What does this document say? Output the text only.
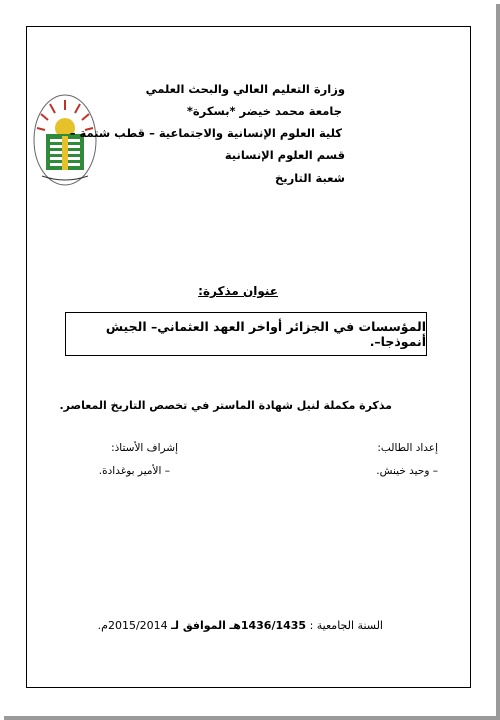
وزارة التعليم العالي والبحث العلمي
جامعة محمد خيضر *بسكرة*
كلية العلوم الإنسانية والاجتماعية – قطب شتمة –
قسم العلوم الإنسانية
شعبة التاريخ
عنوان مذكرة:
المؤسسات في الجزائر أواخر العهد العثماني– الجيش أنموذجا–.
مذكرة مكملة لنيل شهادة الماستر في تخصص التاريخ المعاصر.
إعداد الطالب:
– وحيد خينش.
إشراف الأستاذ:
– الأمير بوغدادة.
السنة الجامعية : 1436/1435هـ الموافق لـ 2015/2014م.
